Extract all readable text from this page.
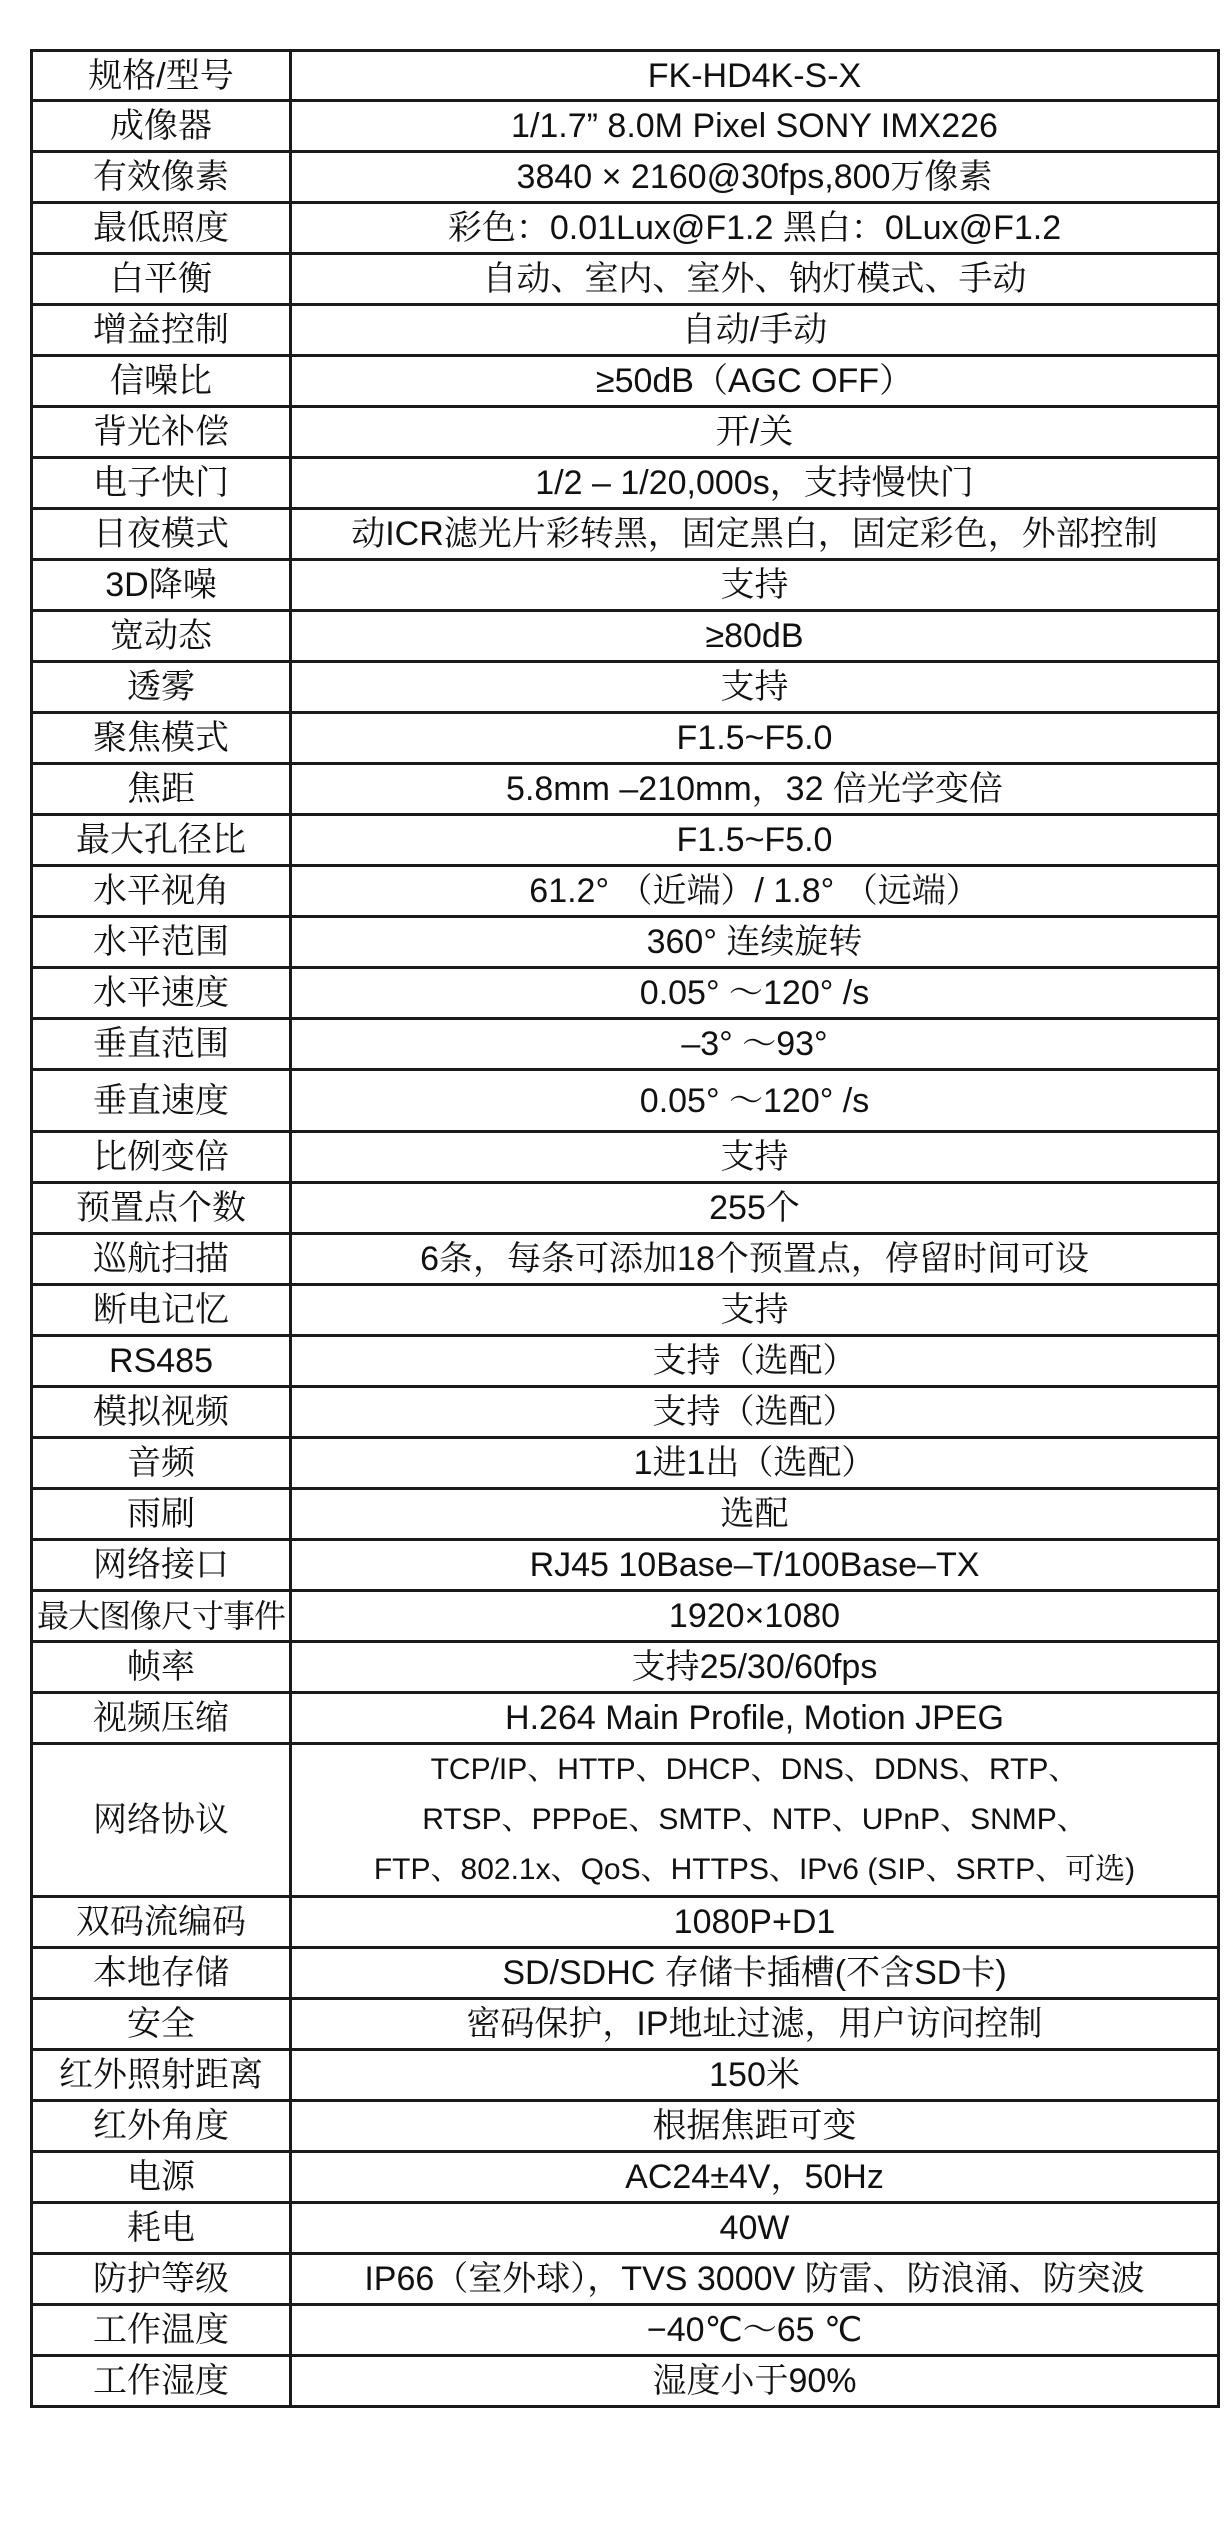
规格/型号	FK-HD4K-S-X
成像器	1/1.7” 8.0M Pixel SONY IMX226
有效像素	3840 × 2160@30fps,800万像素
最低照度	彩色：0.01Lux@F1.2 黑白：0Lux@F1.2
白平衡	自动、室内、室外、钠灯模式、手动
增益控制	自动/手动
信噪比	≥50dB（AGC OFF）
背光补偿	开/关
电子快门	1/2 – 1/20,000s，支持慢快门
日夜模式	动ICR滤光片彩转黑，固定黑白，固定彩色，外部控制
3D降噪	支持
宽动态	≥80dB
透雾	支持
聚焦模式	F1.5~F5.0
焦距	5.8mm –210mm，32 倍光学变倍
最大孔径比	F1.5~F5.0
水平视角	61.2° （近端）/ 1.8° （远端）
水平范围	360° 连续旋转
水平速度	0.05° ～120° /s
垂直范围	–3° ～93°
垂直速度	0.05° ～120° /s
比例变倍	支持
预置点个数	255个
巡航扫描	6条，每条可添加18个预置点，停留时间可设
断电记忆	支持
RS485	支持（选配）
模拟视频	支持（选配）
音频	1进1出（选配）
雨刷	选配
网络接口	RJ45 10Base–T/100Base–TX
最大图像尺寸事件	1920×1080
帧率	支持25/30/60fps
视频压缩	H.264 Main Profile, Motion JPEG
网络协议	TCP/IP、HTTP、DHCP、DNS、DDNS、RTP、
RTSP、PPPoE、SMTP、NTP、UPnP、SNMP、
FTP、802.1x、QoS、HTTPS、IPv6 (SIP、SRTP、可选)

双码流编码	1080P+D1
本地存储	SD/SDHC 存储卡插槽(不含SD卡)
安全	密码保护，IP地址过滤，用户访问控制
红外照射距离	150米
红外角度	根据焦距可变
电源	AC24±4V，50Hz
耗电	40W
防护等级	IP66（室外球），TVS 3000V 防雷、防浪涌、防突波
工作温度	−40℃～65 ℃
工作湿度	湿度小于90%
